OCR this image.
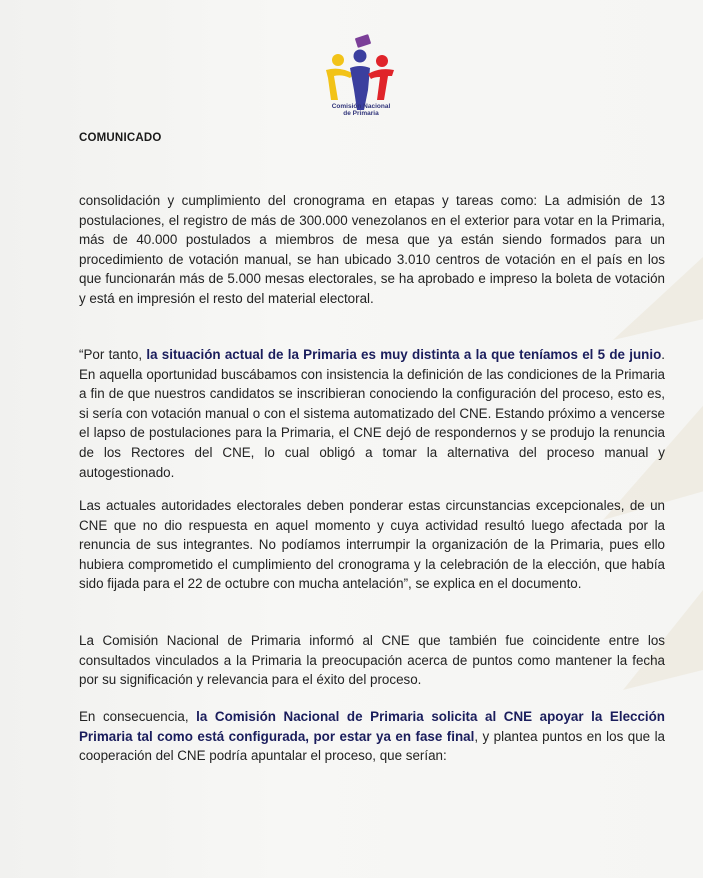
Comisión Nacional
de Primaria
COMUNICADO

consolidación y cumplimiento del cronograma en etapas y tareas como: La admisión de 13 postulaciones, el registro de más de 300.000 venezolanos en el exterior para votar en la Primaria, más de 40.000 postulados a miembros de mesa que ya están siendo formados para un procedimiento de votación manual, se han ubicado 3.010 centros de votación en el país en los que funcionarán más de 5.000 mesas electorales, se ha aprobado e impreso la boleta de votación y está en impresión el resto del material electoral.

“Por tanto, la situación actual de la Primaria es muy distinta a la que teníamos el 5 de junio. En aquella oportunidad buscábamos con insistencia la definición de las condiciones de la Primaria a fin de que nuestros candidatos se inscribieran conociendo la configuración del proceso, esto es, si sería con votación manual o con el sistema automatizado del CNE. Estando próximo a vencerse el lapso de postulaciones para la Primaria, el CNE dejó de respondernos y se produjo la renuncia de los Rectores del CNE, lo cual obligó a tomar la alternativa del proceso manual y autogestionado.

Las actuales autoridades electorales deben ponderar estas circunstancias excepcionales, de un CNE que no dio respuesta en aquel momento y cuya actividad resultó luego afectada por la renuncia de sus integrantes. No podíamos interrumpir la organización de la Primaria, pues ello hubiera comprometido el cumplimiento del cronograma y la celebración de la elección, que había sido fijada para el 22 de octubre con mucha antelación”, se explica en el documento.

La Comisión Nacional de Primaria informó al CNE que también fue coincidente entre los consultados vinculados a la Primaria la preocupación acerca de puntos como mantener la fecha por su significación y relevancia para el éxito del proceso.

En consecuencia, la Comisión Nacional de Primaria solicita al CNE apoyar la Elección Primaria tal como está configurada, por estar ya en fase final, y plantea puntos en los que la cooperación del CNE podría apuntalar el proceso, que serían:
